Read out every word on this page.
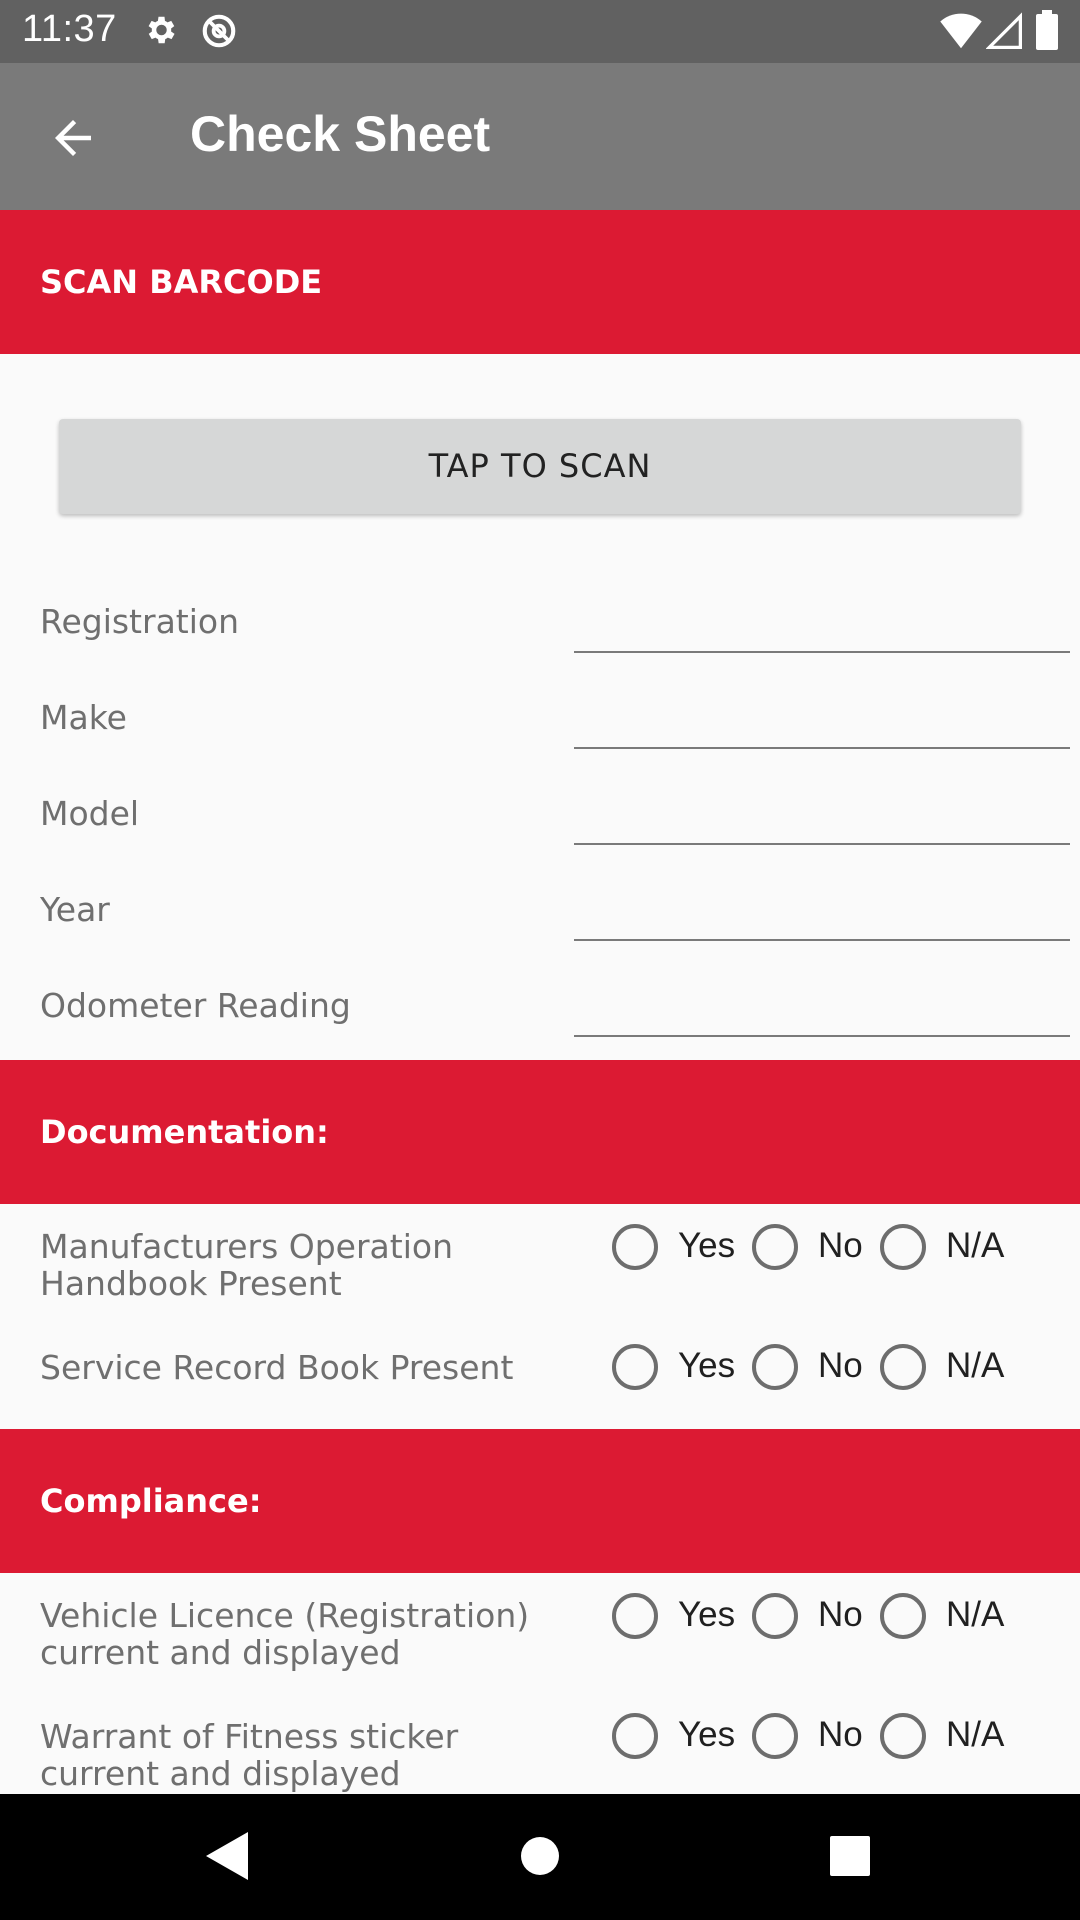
11:37
Check Sheet
SCAN BARCODE
TAP TO SCAN
Registration
Make
Model
Year
Odometer Reading
Documentation:
Manufacturers Operation Handbook Present
Yes No N/A
Service Record Book Present	Yes No N/A
Compliance:
Vehicle Licence (Registration) current and displayed
Yes No N/A
Warrant of Fitness sticker current and displayed
Yes No N/A
